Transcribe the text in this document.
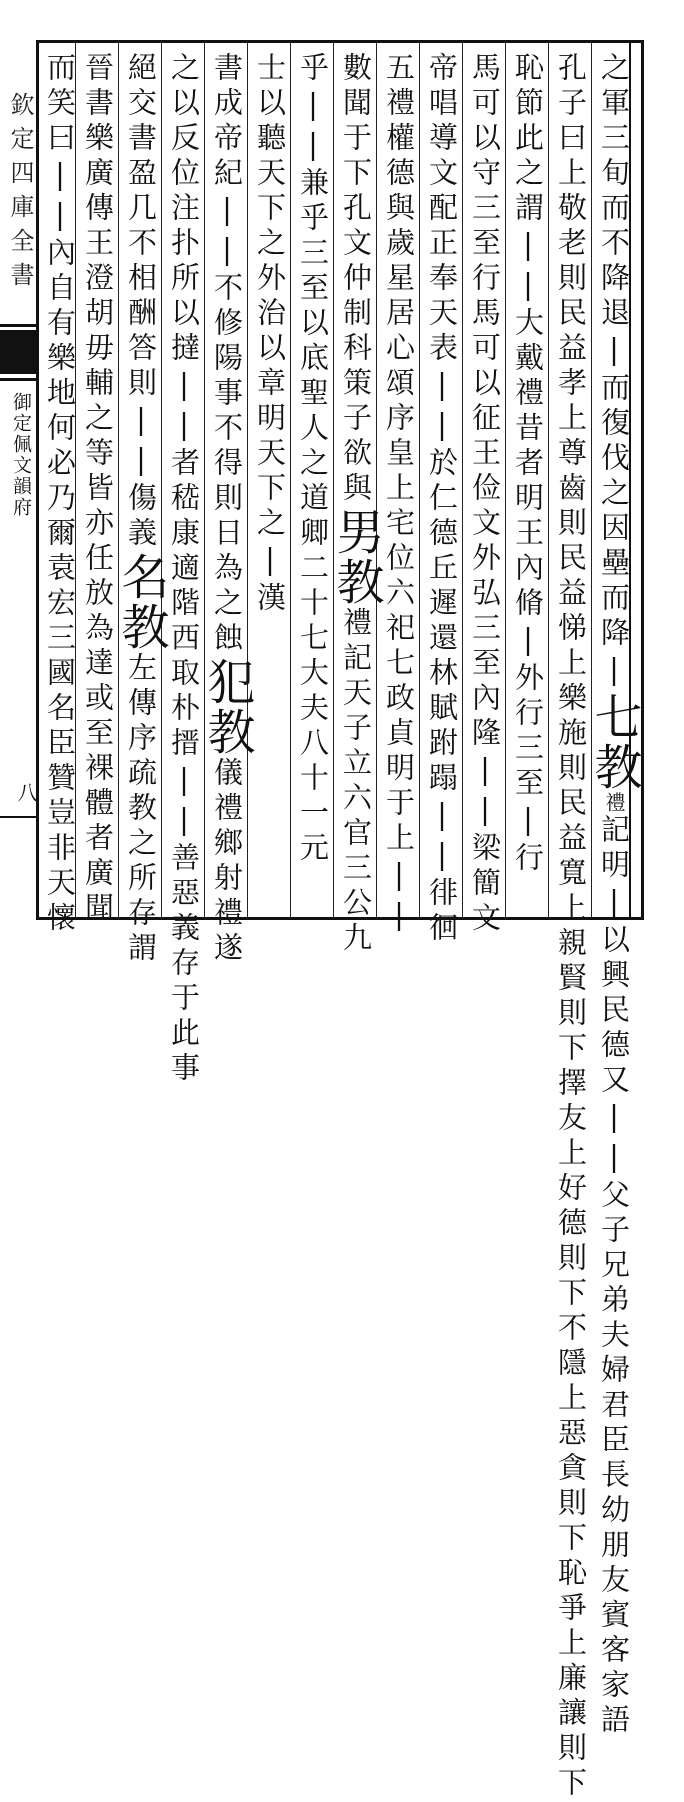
欽定四庫全書
御定佩文韻府
八
之軍三旬而不降退|而復伐之因壘而降|七教禮記明|以興民德又||父子兄弟夫婦君臣長幼朋友賓客家語
孔子曰上敬老則民益孝上尊齒則民益悌上樂施則民益寬上親賢則下擇友上好德則下不隱上惡貪則下恥爭上廉讓則下
恥節此之謂||大戴禮昔者明王內脩|外行三至|行
馬可以守三至行馬可以征王俭文外弘三至內隆||梁簡文
帝唱導文配正奉天表||於仁德丘遲還林賦跗蹋||徘徊
五禮權德與歲星居心頌序皇上宅位六祀七政貞明于上||
數聞于下孔文仲制科策子欲與男教禮記天子立六官三公九
乎||兼乎三至以底聖人之道卿二十七大夫八十一元
士以聽天下之外治以章明天下之|漢
書成帝紀||不修陽事不得則日為之蝕犯教儀禮鄉射禮遂
之以反位注扑所以撻||者嵇康適階西取朴搢||善惡義存于此事
絕交書盈几不相酬答則||傷義名教左傳序疏教之所存謂
晉書樂廣傳王澄胡毋輔之等皆亦任放為達或至裸體者廣聞
而笑曰||內自有樂地何必乃爾袁宏三國名臣贊豈非天懷
